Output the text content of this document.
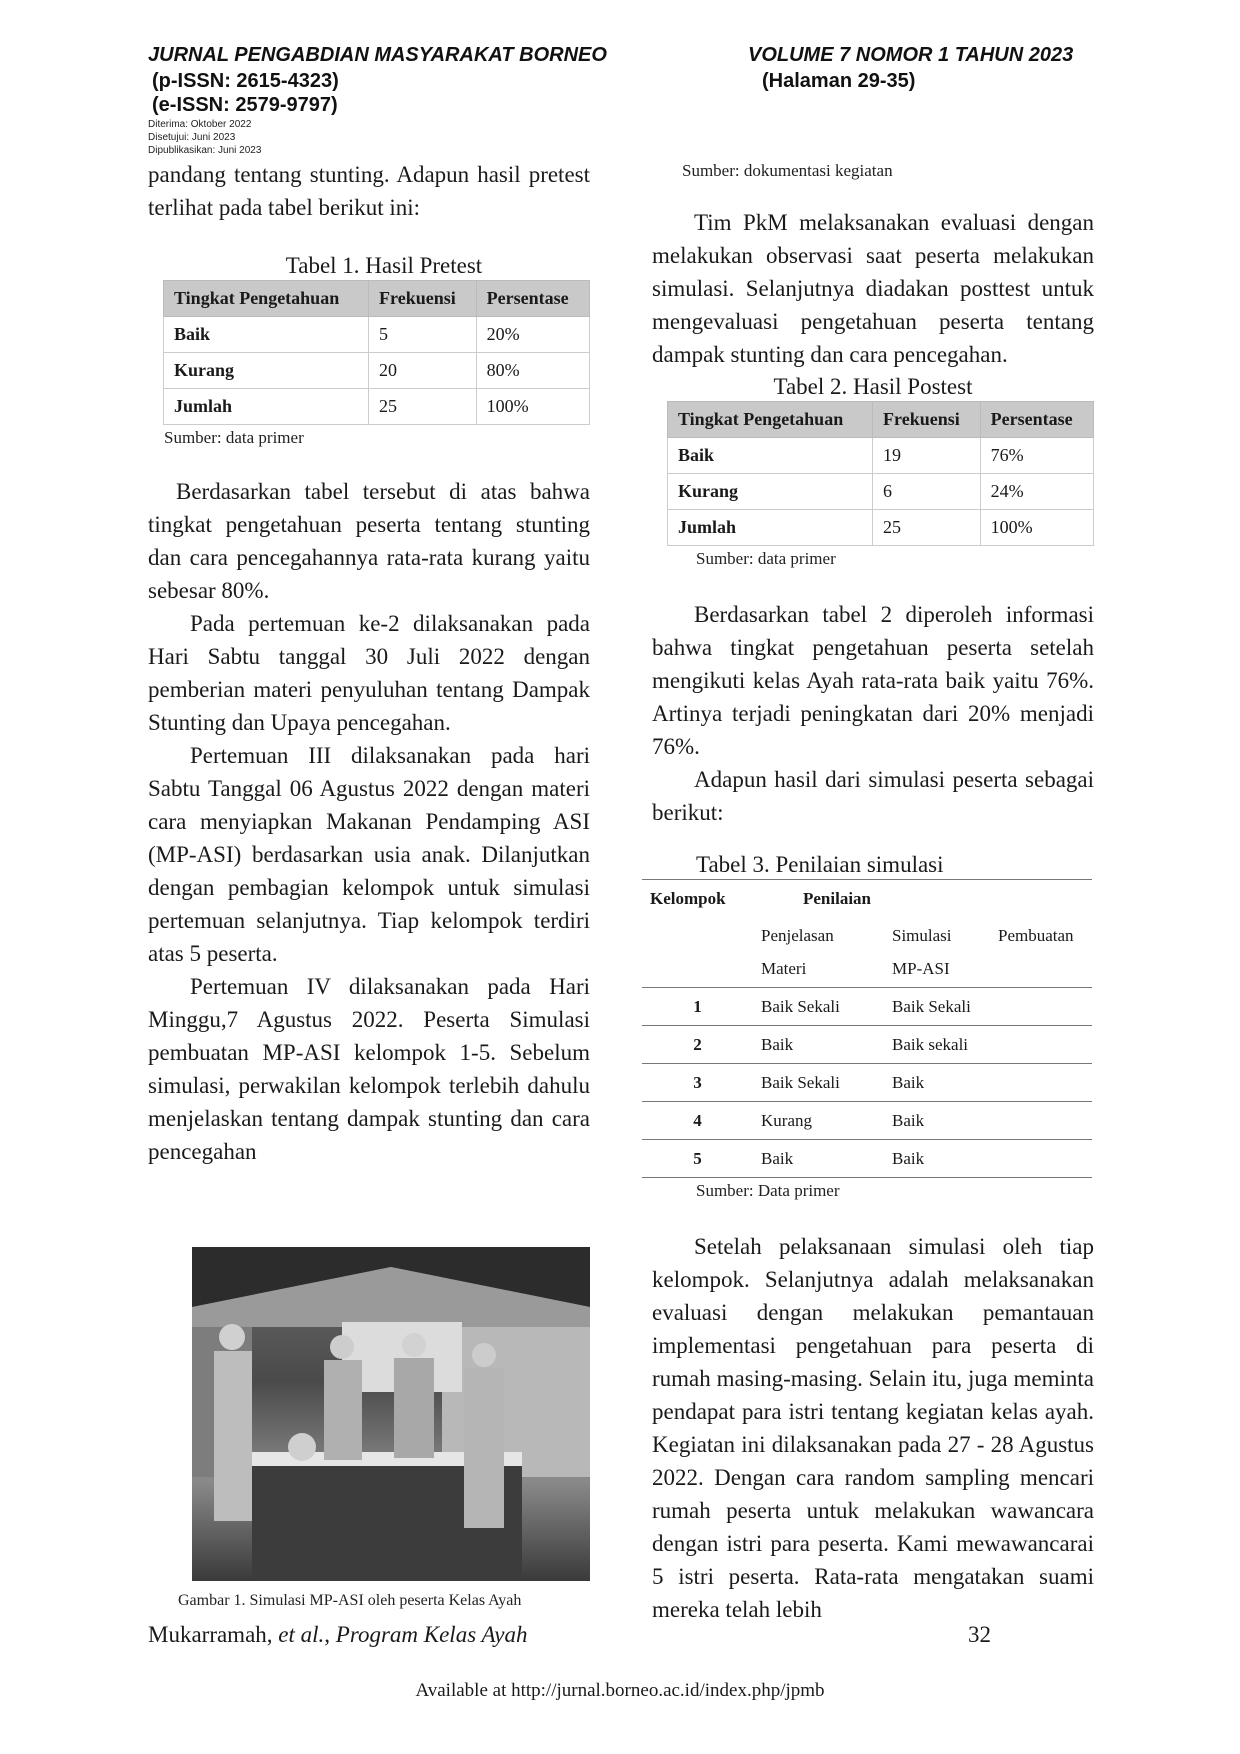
JURNAL PENGABDIAN MASYARAKAT BORNEO	VOLUME 7 NOMOR 1 TAHUN 2023
(p-ISSN: 2615-4323)	(Halaman 29-35)
(e-ISSN: 2579-9797)
Diterima: Oktober 2022
Disetujui: Juni 2023
Dipublikasikan: Juni 2023

pandang tentang stunting. Adapun hasil pretest terlihat pada tabel berikut ini:

Tabel 1. Hasil Pretest
Tingkat Pengetahuan	Frekuensi	Persentase
Baik	5	20%
Kurang	20	80%
Jumlah	25	100%
Sumber: data primer

Berdasarkan tabel tersebut di atas bahwa tingkat pengetahuan peserta tentang stunting dan cara pencegahannya rata-rata kurang yaitu sebesar 80%.

Pada pertemuan ke-2 dilaksanakan pada Hari Sabtu tanggal 30 Juli 2022 dengan pemberian materi penyuluhan tentang Dampak Stunting dan Upaya pencegahan.

Pertemuan III dilaksanakan pada hari Sabtu Tanggal 06 Agustus 2022 dengan materi cara menyiapkan Makanan Pendamping ASI (MP-ASI) berdasarkan usia anak. Dilanjutkan dengan pembagian kelompok untuk simulasi pertemuan selanjutnya. Tiap kelompok terdiri atas 5 peserta.

Pertemuan IV dilaksanakan pada Hari Minggu,7 Agustus 2022. Peserta Simulasi pembuatan MP-ASI kelompok 1-5. Sebelum simulasi, perwakilan kelompok terlebih dahulu menjelaskan tentang dampak stunting dan cara pencegahan

Gambar 1. Simulasi MP-ASI oleh peserta Kelas Ayah
Sumber: dokumentasi kegiatan

Tim PkM melaksanakan evaluasi dengan melakukan observasi saat peserta melakukan simulasi. Selanjutnya diadakan posttest untuk mengevaluasi pengetahuan peserta tentang dampak stunting dan cara pencegahan.

Tabel 2. Hasil Postest
Tingkat Pengetahuan	Frekuensi	Persentase
Baik	19	76%
Kurang	6	24%
Jumlah	25	100%
Sumber: data primer

Berdasarkan tabel 2 diperoleh informasi bahwa tingkat pengetahuan peserta setelah mengikuti kelas Ayah rata-rata baik yaitu 76%. Artinya terjadi peningkatan dari 20% menjadi 76%.

Adapun hasil dari simulasi peserta sebagai berikut:

Tabel 3. Penilaian simulasi
Kelompok	Penilaian		
	Penjelasan Materi	Simulasi MP-ASI	Pembuatan
1	Baik Sekali	Baik Sekali	
2	Baik	Baik sekali	
3	Baik Sekali	Baik	
4	Kurang	Baik	
5	Baik	Baik	
Sumber: Data primer

Setelah pelaksanaan simulasi oleh tiap kelompok. Selanjutnya adalah melaksanakan evaluasi dengan melakukan pemantauan implementasi pengetahuan para peserta di rumah masing-masing. Selain itu, juga meminta pendapat para istri tentang kegiatan kelas ayah. Kegiatan ini dilaksanakan pada 27 - 28 Agustus 2022. Dengan cara random sampling mencari rumah peserta untuk melakukan wawancara dengan istri para peserta. Kami mewawancarai 5 istri peserta. Rata-rata mengatakan suami mereka telah lebih

Mukarramah, et al., Program Kelas Ayah	32
Available at http://jurnal.borneo.ac.id/index.php/jpmb
